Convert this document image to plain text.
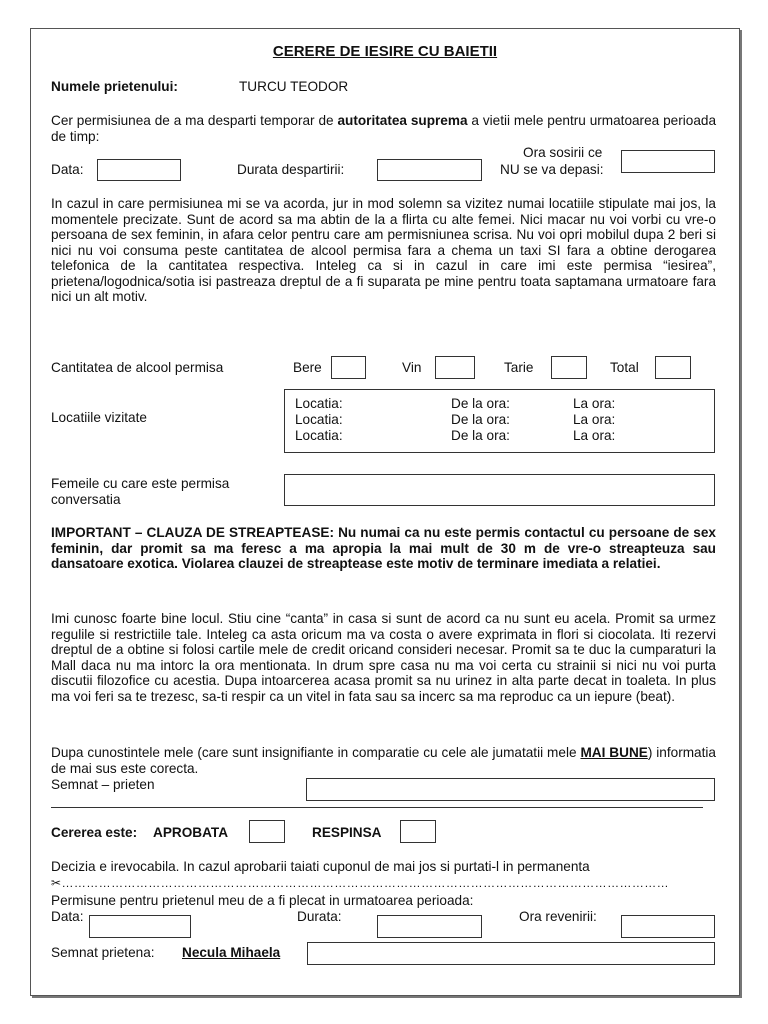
CERERE DE IESIRE CU BAIETII
Numele prietenului:	TURCU TEODOR
Cer permisiunea de a ma desparti temporar de autoritatea suprema a vietii mele pentru urmatoarea perioada de timp:
Data:	Durata despartirii:
Ora sosirii ce
NU se va depasi:
In cazul in care permisiunea mi se va acorda, jur in mod solemn sa vizitez numai locatiile stipulate mai jos, la momentele precizate. Sunt de acord sa ma abtin de la a flirta cu alte femei. Nici macar nu voi vorbi cu vre-o persoana de sex feminin, in afara celor pentru care am permisniunea scrisa. Nu voi opri mobilul dupa 2 beri si nici nu voi consuma peste cantitatea de alcool permisa fara a chema un taxi SI fara a obtine derogarea telefonica de la cantitatea respectiva. Inteleg ca si in cazul in care imi este permisa “iesirea”, prietena/logodnica/sotia isi pastreaza dreptul de a fi suparata pe mine pentru toata saptamana urmatoare fara nici un alt motiv.
Cantitatea de alcool permisa	Bere	Vin	Tarie	Total
Locatiile vizitate
Locatia:	De la ora:	La ora:
Locatia:	De la ora:	La ora:
Locatia:	De la ora:	La ora:
Femeile cu care este permisa
conversatia
IMPORTANT – CLAUZA DE STREAPTEASE: Nu numai ca nu este permis contactul cu persoane de sex feminin, dar promit sa ma feresc a ma apropia la mai mult de 30 m de vre-o streapteuza sau dansatoare exotica. Violarea clauzei de streaptease este motiv de terminare imediata a relatiei.
Imi cunosc foarte bine locul. Stiu cine “canta” in casa si sunt de acord ca nu sunt eu acela. Promit sa urmez regulile si restrictiile tale. Inteleg ca asta oricum ma va costa o avere exprimata in flori si ciocolata. Iti rezervi dreptul de a obtine si folosi cartile mele de credit oricand consideri necesar. Promit sa te duc la cumparaturi la Mall daca nu ma intorc la ora mentionata. In drum spre casa nu ma voi certa cu strainii si nici nu voi purta discutii filozofice cu acestia. Dupa intoarcerea acasa promit sa nu urinez in alta parte decat in toaleta. In plus ma voi feri sa te trezesc, sa-ti respir ca un vitel in fata sau sa incerc sa ma reproduc ca un iepure (beat).
Dupa cunostintele mele (care sunt insignifiante in comparatie cu cele ale jumatatii mele MAI BUNE) informatia de mai sus este corecta.
Semnat – prieten
Cererea este: APROBATA	RESPINSA
Decizia e irevocabila. In cazul aprobarii taiati cuponul de mai jos si purtati-l in permanenta
✂…………………………………………………………………………………………………………………………………
Permisune pentru prietenul meu de a fi plecat in urmatoarea perioada:
Data:	Durata:	Ora revenirii:
Semnat prietena: Necula Mihaela
